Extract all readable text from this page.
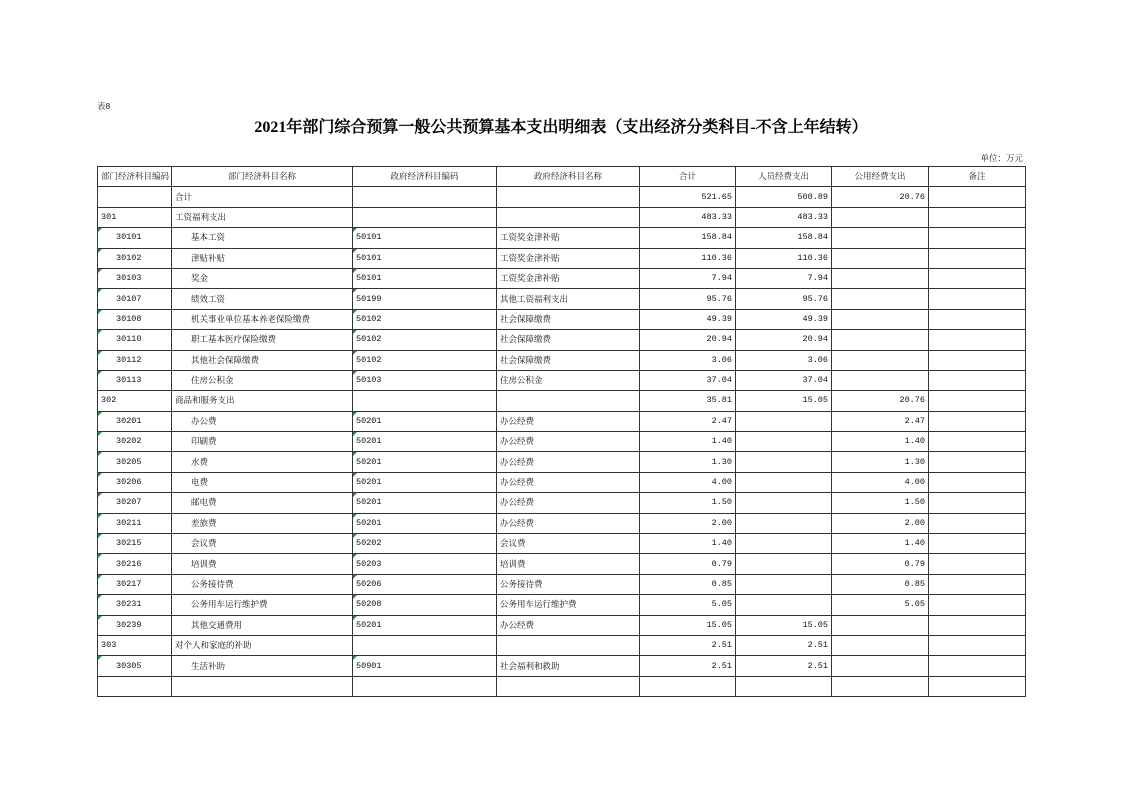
表8
2021年部门综合预算一般公共预算基本支出明细表（支出经济分类科目-不含上年结转）
单位：万元
部门经济科目编码	部门经济科目名称	政府经济科目编码	政府经济科目名称	合计	人员经费支出	公用经费支出	备注
	合计			521.65	500.89	20.76	
301	工资福利支出			483.33	483.33		
30101	基本工资	50101	工资奖金津补贴	158.84	158.84		
30102	津贴补贴	50101	工资奖金津补贴	110.36	110.36		
30103	奖金	50101	工资奖金津补贴	7.94	7.94		
30107	绩效工资	50199	其他工资福利支出	95.76	95.76		
30108	机关事业单位基本养老保险缴费	50102	社会保障缴费	49.39	49.39		
30110	职工基本医疗保险缴费	50102	社会保障缴费	20.94	20.94		
30112	其他社会保障缴费	50102	社会保障缴费	3.06	3.06		
30113	住房公积金	50103	住房公积金	37.04	37.04		
302	商品和服务支出			35.81	15.05	20.76	
30201	办公费	50201	办公经费	2.47		2.47	
30202	印刷费	50201	办公经费	1.40		1.40	
30205	水费	50201	办公经费	1.30		1.30	
30206	电费	50201	办公经费	4.00		4.00	
30207	邮电费	50201	办公经费	1.50		1.50	
30211	差旅费	50201	办公经费	2.00		2.00	
30215	会议费	50202	会议费	1.40		1.40	
30216	培训费	50203	培训费	0.79		0.79	
30217	公务接待费	50206	公务接待费	0.85		0.85	
30231	公务用车运行维护费	50208	公务用车运行维护费	5.05		5.05	
30239	其他交通费用	50201	办公经费	15.05	15.05		
303	对个人和家庭的补助			2.51	2.51		
30305	生活补助	50901	社会福利和救助	2.51	2.51		
